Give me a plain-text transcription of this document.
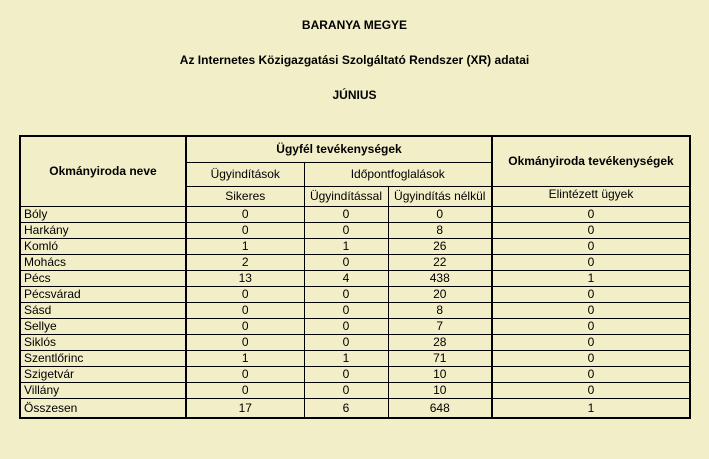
BARANYA MEGYE
Az Internetes Közigazgatási Szolgáltató Rendszer (XR) adatai
JÚNIUS
Okmányiroda neve	Ügyfél tevékenységek			Okmányiroda tevékenységek
	Ügyindítások	Időpontfoglalások		
	Sikeres	Ügyindítással	Ügyindítás nélkül	Elintézett ügyek
Bóly	0	0	0	0
Harkány	0	0	8	0
Komló	1	1	26	0
Mohács	2	0	22	0
Pécs	13	4	438	1
Pécsvárad	0	0	20	0
Sásd	0	0	8	0
Sellye	0	0	7	0
Siklós	0	0	28	0
Szentlőrinc	1	1	71	0
Szigetvár	0	0	10	0
Villány	0	0	10	0
Összesen	17	6	648	1
